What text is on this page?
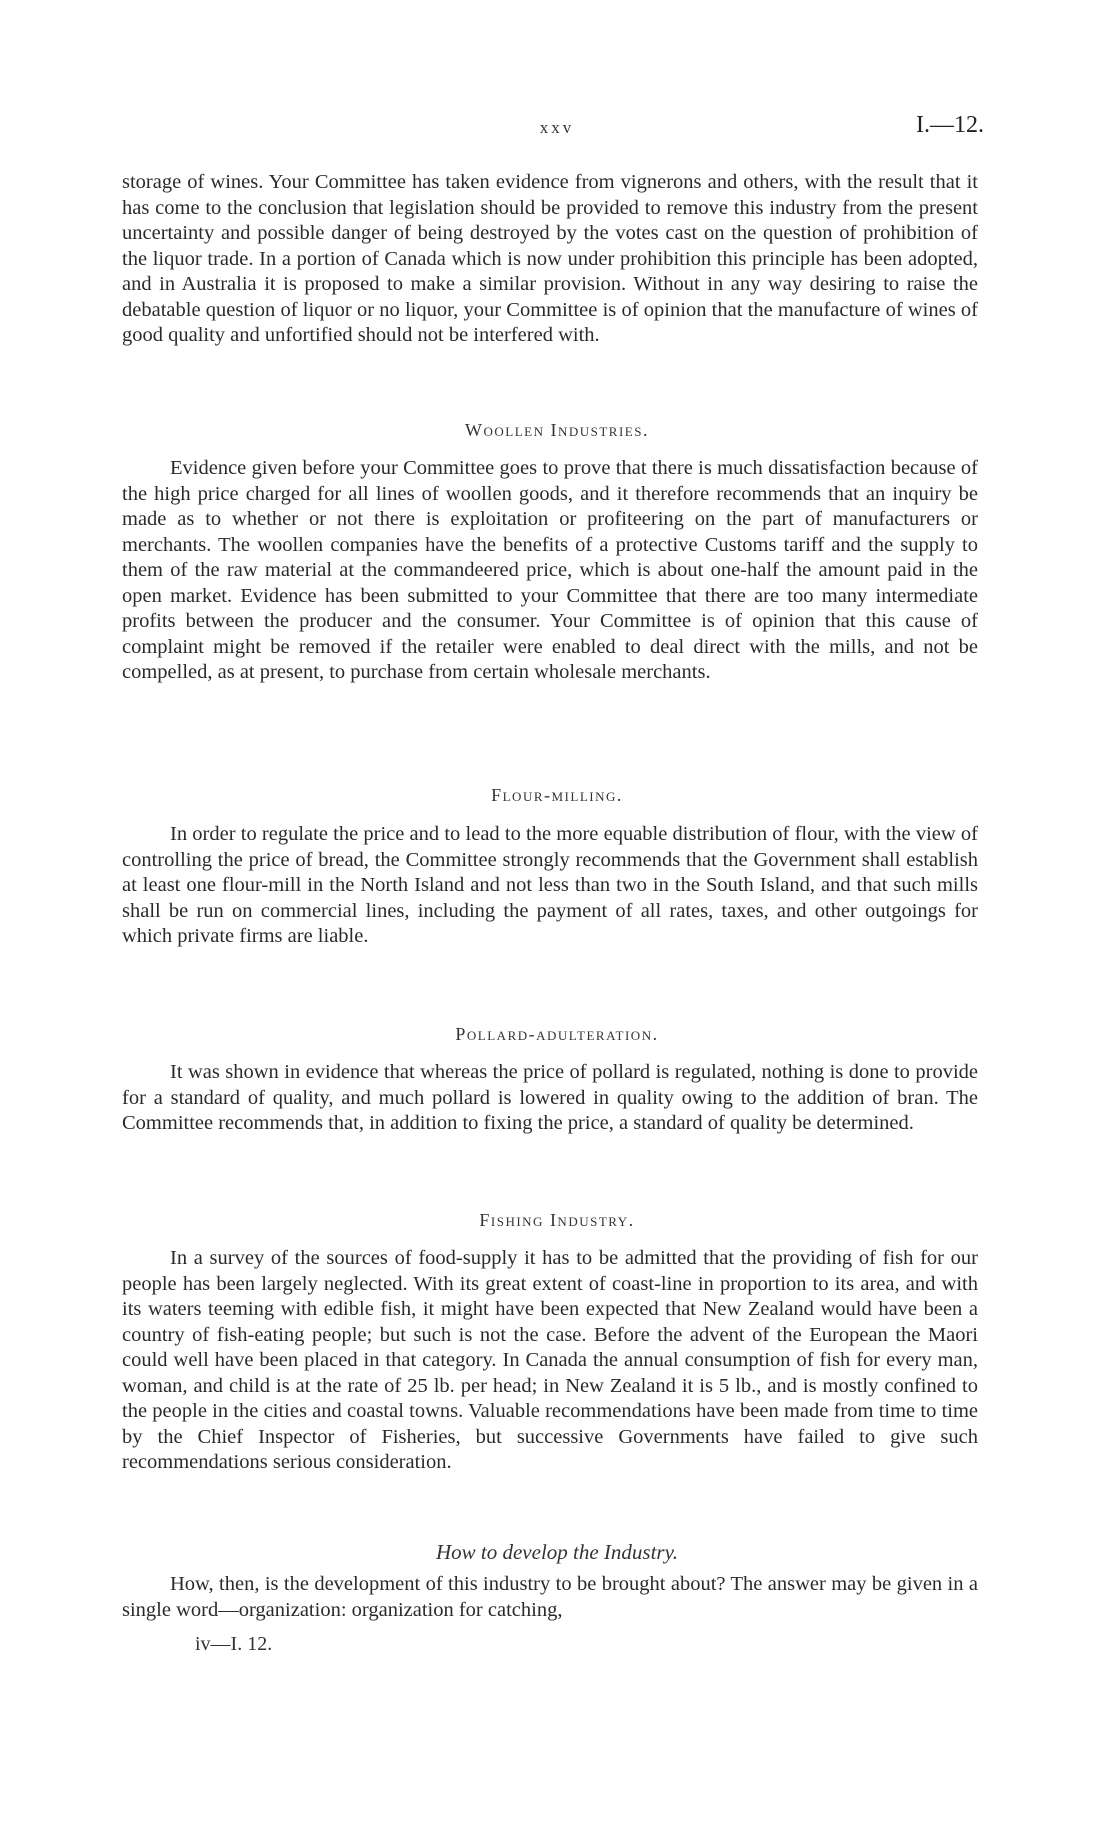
xxv	I.—12.

storage of wines. Your Committee has taken evidence from vignerons and others, with the result that it has come to the conclusion that legislation should be provided to remove this industry from the present uncertainty and possible danger of being destroyed by the votes cast on the question of prohibition of the liquor trade. In a portion of Canada which is now under prohibition this principle has been adopted, and in Australia it is proposed to make a similar provision. Without in any way desiring to raise the debatable question of liquor or no liquor, your Committee is of opinion that the manufacture of wines of good quality and unfortified should not be interfered with.

Woollen Industries.

Evidence given before your Committee goes to prove that there is much dissatisfaction because of the high price charged for all lines of woollen goods, and it therefore recommends that an inquiry be made as to whether or not there is exploitation or profiteering on the part of manufacturers or merchants. The woollen companies have the benefits of a protective Customs tariff and the supply to them of the raw material at the commandeered price, which is about one-half the amount paid in the open market. Evidence has been submitted to your Committee that there are too many intermediate profits between the producer and the consumer. Your Committee is of opinion that this cause of complaint might be removed if the retailer were enabled to deal direct with the mills, and not be compelled, as at present, to purchase from certain wholesale merchants.

Flour-milling.

In order to regulate the price and to lead to the more equable distribution of flour, with the view of controlling the price of bread, the Committee strongly recommends that the Government shall establish at least one flour-mill in the North Island and not less than two in the South Island, and that such mills shall be run on commercial lines, including the payment of all rates, taxes, and other outgoings for which private firms are liable.

Pollard-adulteration.

It was shown in evidence that whereas the price of pollard is regulated, nothing is done to provide for a standard of quality, and much pollard is lowered in quality owing to the addition of bran. The Committee recommends that, in addition to fixing the price, a standard of quality be determined.

Fishing Industry.

In a survey of the sources of food-supply it has to be admitted that the providing of fish for our people has been largely neglected. With its great extent of coast-line in proportion to its area, and with its waters teeming with edible fish, it might have been expected that New Zealand would have been a country of fish-eating people; but such is not the case. Before the advent of the European the Maori could well have been placed in that category. In Canada the annual consumption of fish for every man, woman, and child is at the rate of 25 lb. per head; in New Zealand it is 5 lb., and is mostly confined to the people in the cities and coastal towns. Valuable recommendations have been made from time to time by the Chief Inspector of Fisheries, but successive Governments have failed to give such recommendations serious consideration.

How to develop the Industry.

How, then, is the development of this industry to be brought about? The answer may be given in a single word—organization: organization for catching,

iv—I. 12.
